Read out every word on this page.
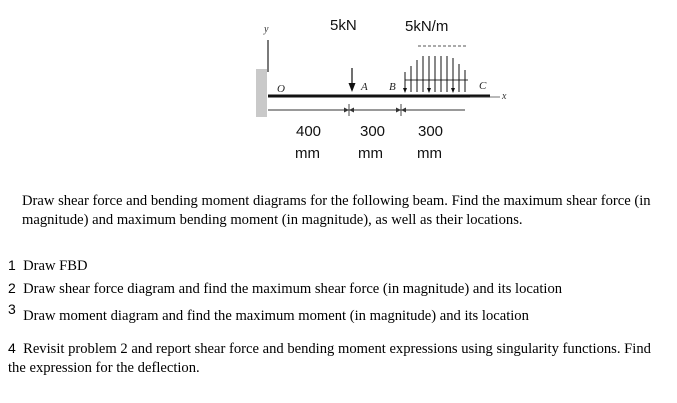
5kN	5kN/m
y
x
O	A B	C
400
mm
300
mm
300
mm
Draw shear force and bending moment diagrams for the following beam. Find the maximum shear force (in magnitude) and maximum bending moment (in magnitude), as well as their locations.
1 Draw FBD
2 Draw shear force diagram and find the maximum shear force (in magnitude) and its location
3 Draw moment diagram and find the maximum moment (in magnitude) and its location
4 Revisit problem 2 and report shear force and bending moment expressions using singularity functions. Find the expression for the deflection.
